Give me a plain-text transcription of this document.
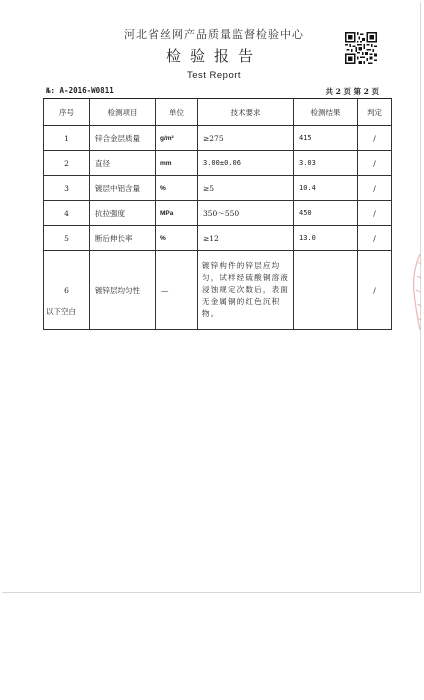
河北省丝网产品质量监督检验中心
检验报告
Test Report
№: A-2016-W0811	共 2 页 第 2 页
序号	检测项目	单位	技术要求	检测结果	判定
1	锌合金层质量	g/m²	≥275	415	/
2	直径	mm	3.00±0.06	3.03	/
3	镀层中铝含量	%	≥5	10.4	/
4	抗拉强度	MPa	350～550	450	/
5	断后伸长率	%	≥12	13.0	/
6	镀锌层均匀性	—	镀锌构件的锌层应均匀，试样经硫酸铜溶液浸蚀规定次数后，表面无金属铜的红色沉积物。		/
以下空白
